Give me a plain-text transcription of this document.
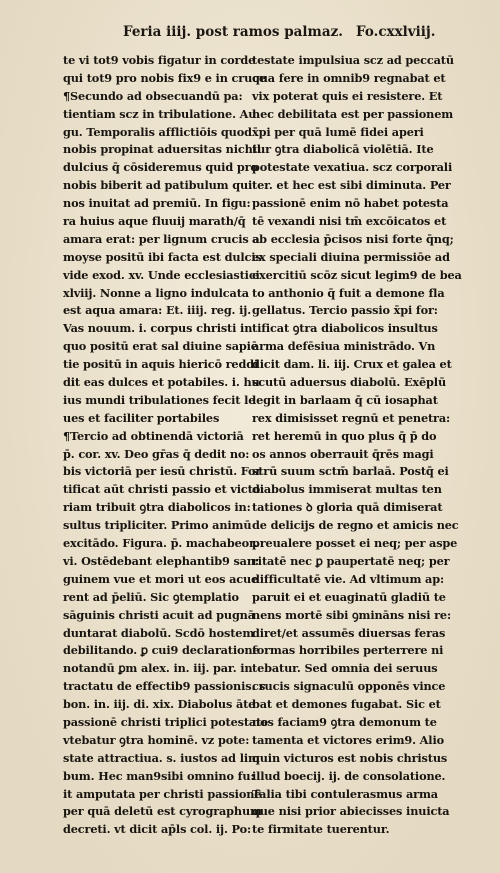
Feria iiij. post ramos palmaz. Fo.cxxlviij.
te vi tot9 vobis figatur in corde
qui tot9 pro nobis fix9 e in cruce
¶Secundo ad obsecuandū pa:
tientiam scz in tribulatione. Au
gu. Temporalis afflictiōis quod
nobis propinat aduersitas nichil
dulcius q̄ cōsideremus quid pro
nobis biberit ad patibulum qui
nos inuitat ad premiū. In figu:
ra huius aque fluuij marath/q̄
amara erat: per lignum crucis a
moyse positū ibi facta est dulcis
vide exod. xv. Unde ecclesiastici
xlviij. Nonne a ligno indulcata
est aqua amara: Et. iiij. reg. ij.
Vas nouum. i. corpus christi in
quo positū erat sal diuine sapiē
tie positū in aquis hiericō reddi
dit eas dulces et potabiles. i. hu
ius mundi tribulationes fecit le
ues et faciliter portabiles
¶Tercio ad obtinendā victoriā
p̄. cor. xv. Deo gr̄as q̄ dedit no:
bis victoriā per iesū christū. For
tificat aūt christi passio et victo:
riam tribuit ꝯtra diabolicos in:
sultus tripliciter. Primo animū
excitādo. Figura. p̄. machabeor.
vi. Ostēdebant elephantib9 san:
guinem vue et mori ut eos acue
rent ad p̄eliū. Sic ꝯtemplatio
sāguinis christi acuit ad pugnā
duntarat diabolū. Scdō hostem
debilitando. ꝑ cui9 declaratione
notandū ꝑm alex. in. iij. par. in
tractatu de effectib9 passionis. s
bon. in. iij. di. xix. Diabolus āte
passionē christi triplici potestate
vtebatur ꝯtra hominē. vz pote:
state attractiua. s. iustos ad lim
bum. Hec man9sibi omnino fu:
it amputata per christi passionē
per quā deletū est cyrographum
decreti. vt dicit ap̄ls col. ij. Po:
testate impulsiua scz ad peccatū
qua fere in omnib9 regnabat et
vix poterat quis ei resistere. Et
hec debilitata est per passionem
x̄pi per quā lumē fidei aperi
tur ꝯtra diabolicā violētiā. Ite
potestate vexatiua. scz corporali
ter. et hec est sibi diminuta. Per
passionē enim nō habet potesta
tē vexandi nisi tm̄ excōicatos et
ab ecclesia p̄cisos nisi forte q̄nq;
ex speciali diuina permissiōe ad
exercitiū scōz sicut legim9 de bea
to anthonio q̄ fuit a demone fla
gellatus. Tercio passio x̄pi for:
tificat ꝯtra diabolicos insultus
arma defēsiua ministrādo. Vn
dicit dam. li. iij. Crux et galea et
scutū aduersus diabolū. Exēplū
legit in barlaam q̄ cū iosaphat
rex dimisisset regnū et penetra:
ret heremū in quo plus q̄ p̄ do
os annos oberrauit q̄rēs magi
strū suum sctm̄ barlaā. Postq̄ ei
diabolus immiserat multas ten
tationes ꝺ gloria quā dimiserat
de delicijs de regno et amicis nec
preualere posset ei neq; per aspe
ritatē nec ꝑ paupertatē neq; per
difficultatē vie. Ad vltimum ap:
paruit ei et euaginatū gladiū te
nens mortē sibi ꝯmināns nisi re:
diret/et assumēs diuersas feras
formas horribiles perterrere ni
tebatur. Sed omnia dei seruus
crucis signaculū opponēs vince
bat et demones fugabat. Sic et
nos faciam9 ꝯtra demonum te
tamenta et victores erim9. Alio
quin victuros est nobis christus
illud boecij. ij. de consolatione.
Talia tibi contulerasmus arma
que nisi prior abiecisses inuicta
te firmitate tuerentur.
